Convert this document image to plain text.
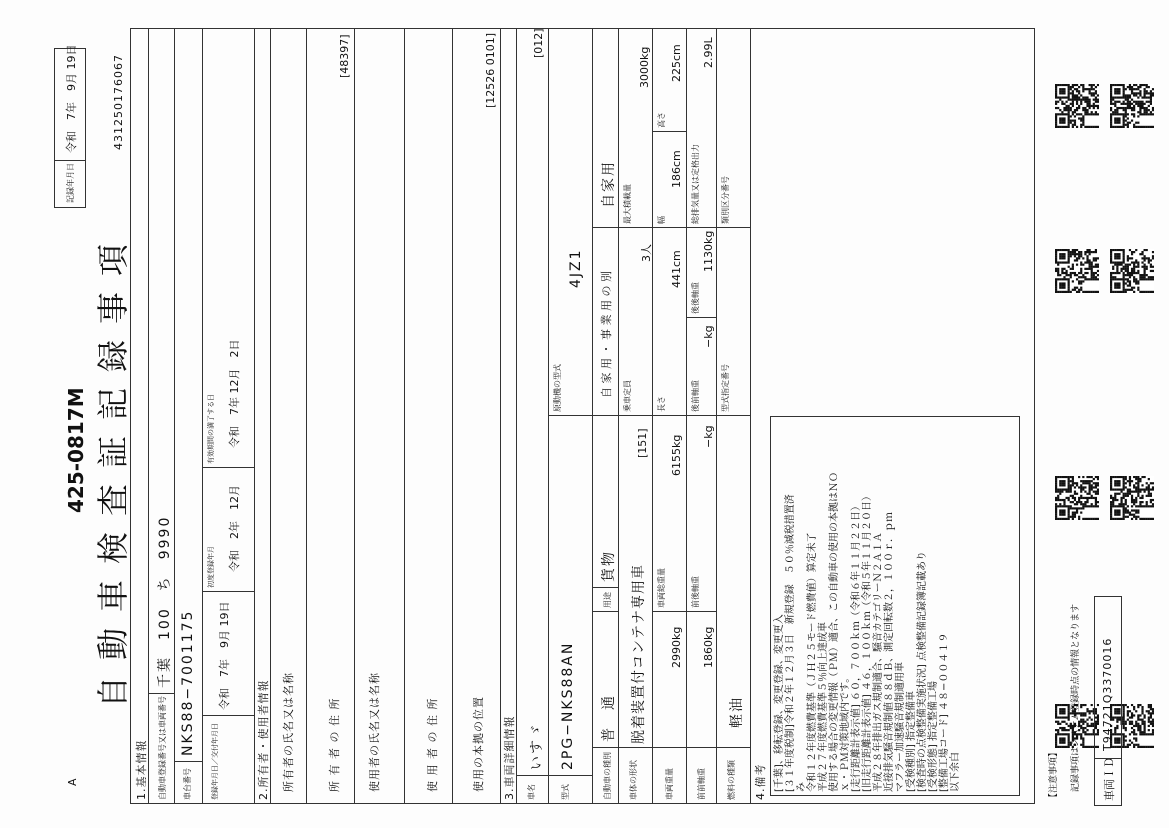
A
425-0817M 自動車検査証記録事項
記録年月日
令和　7年　9月 19日	431250176067
1.基本情報 自動車登録番号又は車両番号
千葉　100　ち　9990
車台番号
NKS88−7001175
登録年月日／交付年月日
令和　7年　9月 19日
初度登録年月 令和　2年　12月
有効期間の満了する日 令和　7年 12月　2日
2.所有者・使用者情報 所有者の氏名又は名称	所 有 者 の 住 所
[48397]
使用者の氏名又は名称	使 用 者 の 住 所	使用の本拠の位置
[12526 0101]
3.車両詳細情報 車名
いすゞ
[012]
型式
2PG−NKS88AN
原動機の型式
4JZ1
自動車の種別
普　通
用途
貨物
自 家 用 ・ 事 業 用 の 別
自家用
車体の形状
脱着装置付コンテナ専用車
[151]
乗車定員
3人
最大積載量
3000kg
車両重量
2990kg
車両総重量
6155kg
長さ
441cm
幅
186cm
高さ
225cm
前前軸重
1860kg
前後軸重
−kg
後前軸重
−kg
後後軸重
1130kg
総排気量又は定格出力
2.99L
燃料の種類
軽油
型式指定番号
類別区分番号
4.備考 [千葉]、移転登録、変更登録、変更更入 [３１年度税制]令和２年１２月３日　新規登録　５０％減税措置済 み 令和１２年度燃費基準（ＪＨ２５モード燃費値）算定未了 平成２７年度燃費基準５％向上達成車 使用する場合の変更情報（ＰＭ）適合、この自動車の使用の本拠はＮＯ ｘ・ＰＭ対策地域内です。 [走行距離計表示値] ６０，７００ｋｍ（令和６年１１月２２日） [旧走行距離計表示値] ４６，１００ｋｍ（令和５年１１月２０日） 平成２８年排出ガス規制適合、騒音カテゴリーＮ２Ａ１Ａ 近接排気騒音規制値８８ｄＢ、測定回転数２，１００ｒ．ｐｍ マフラー加速騒音規制適用車 [受検種別] 指定整備車 [検査時の点検整備実施状況] 点検整備記録簿記載あり [受検形態] 指定整備工場 [整備工場コード] ４８−００４１９ 以下余白	【注意事項】	記録事項はシステム登録時点の情報となります 車両ＩＤ
T94721Q3370016
